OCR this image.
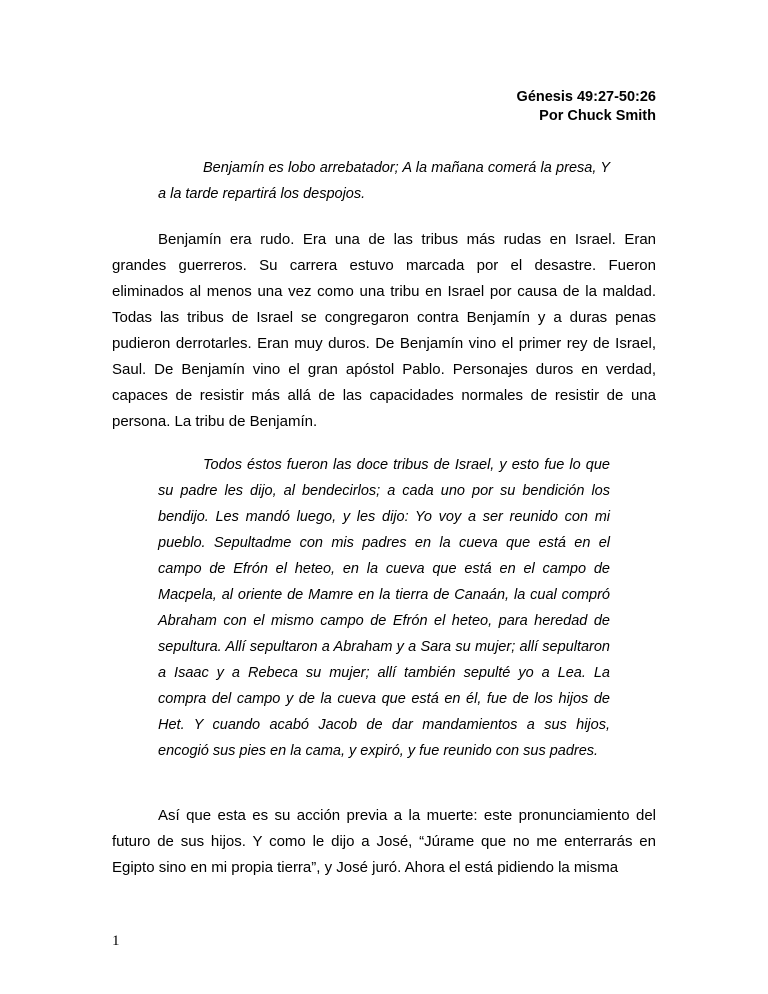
Génesis 49:27-50:26
Por Chuck Smith
Benjamín es lobo arrebatador; A la mañana comerá la presa, Y a la tarde repartirá los despojos.
Benjamín era rudo. Era una de las tribus más rudas en Israel. Eran grandes guerreros. Su carrera estuvo marcada por el desastre. Fueron eliminados al menos una vez como una tribu en Israel por causa de la maldad. Todas las tribus de Israel se congregaron contra Benjamín y a duras penas pudieron derrotarles. Eran muy duros. De Benjamín vino el primer rey de Israel, Saul. De Benjamín vino el gran apóstol Pablo. Personajes duros en verdad, capaces de resistir más allá de las capacidades normales de resistir de una persona. La tribu de Benjamín.
Todos éstos fueron las doce tribus de Israel, y esto fue lo que su padre les dijo, al bendecirlos; a cada uno por su bendición los bendijo. Les mandó luego, y les dijo: Yo voy a ser reunido con mi pueblo. Sepultadme con mis padres en la cueva que está en el campo de Efrón el heteo, en la cueva que está en el campo de Macpela, al oriente de Mamre en la tierra de Canaán, la cual compró Abraham con el mismo campo de Efrón el heteo, para heredad de sepultura. Allí sepultaron a Abraham y a Sara su mujer; allí sepultaron a Isaac y a Rebeca su mujer; allí también sepulté yo a Lea. La compra del campo y de la cueva que está en él, fue de los hijos de Het. Y cuando acabó Jacob de dar mandamientos a sus hijos, encogió sus pies en la cama, y expiró, y fue reunido con sus padres.
Así que esta es su acción previa a la muerte: este pronunciamiento del futuro de sus hijos. Y como le dijo a José, “Júrame que no me enterrarás en Egipto sino en mi propia tierra”, y José juró. Ahora el está pidiendo la misma
1
